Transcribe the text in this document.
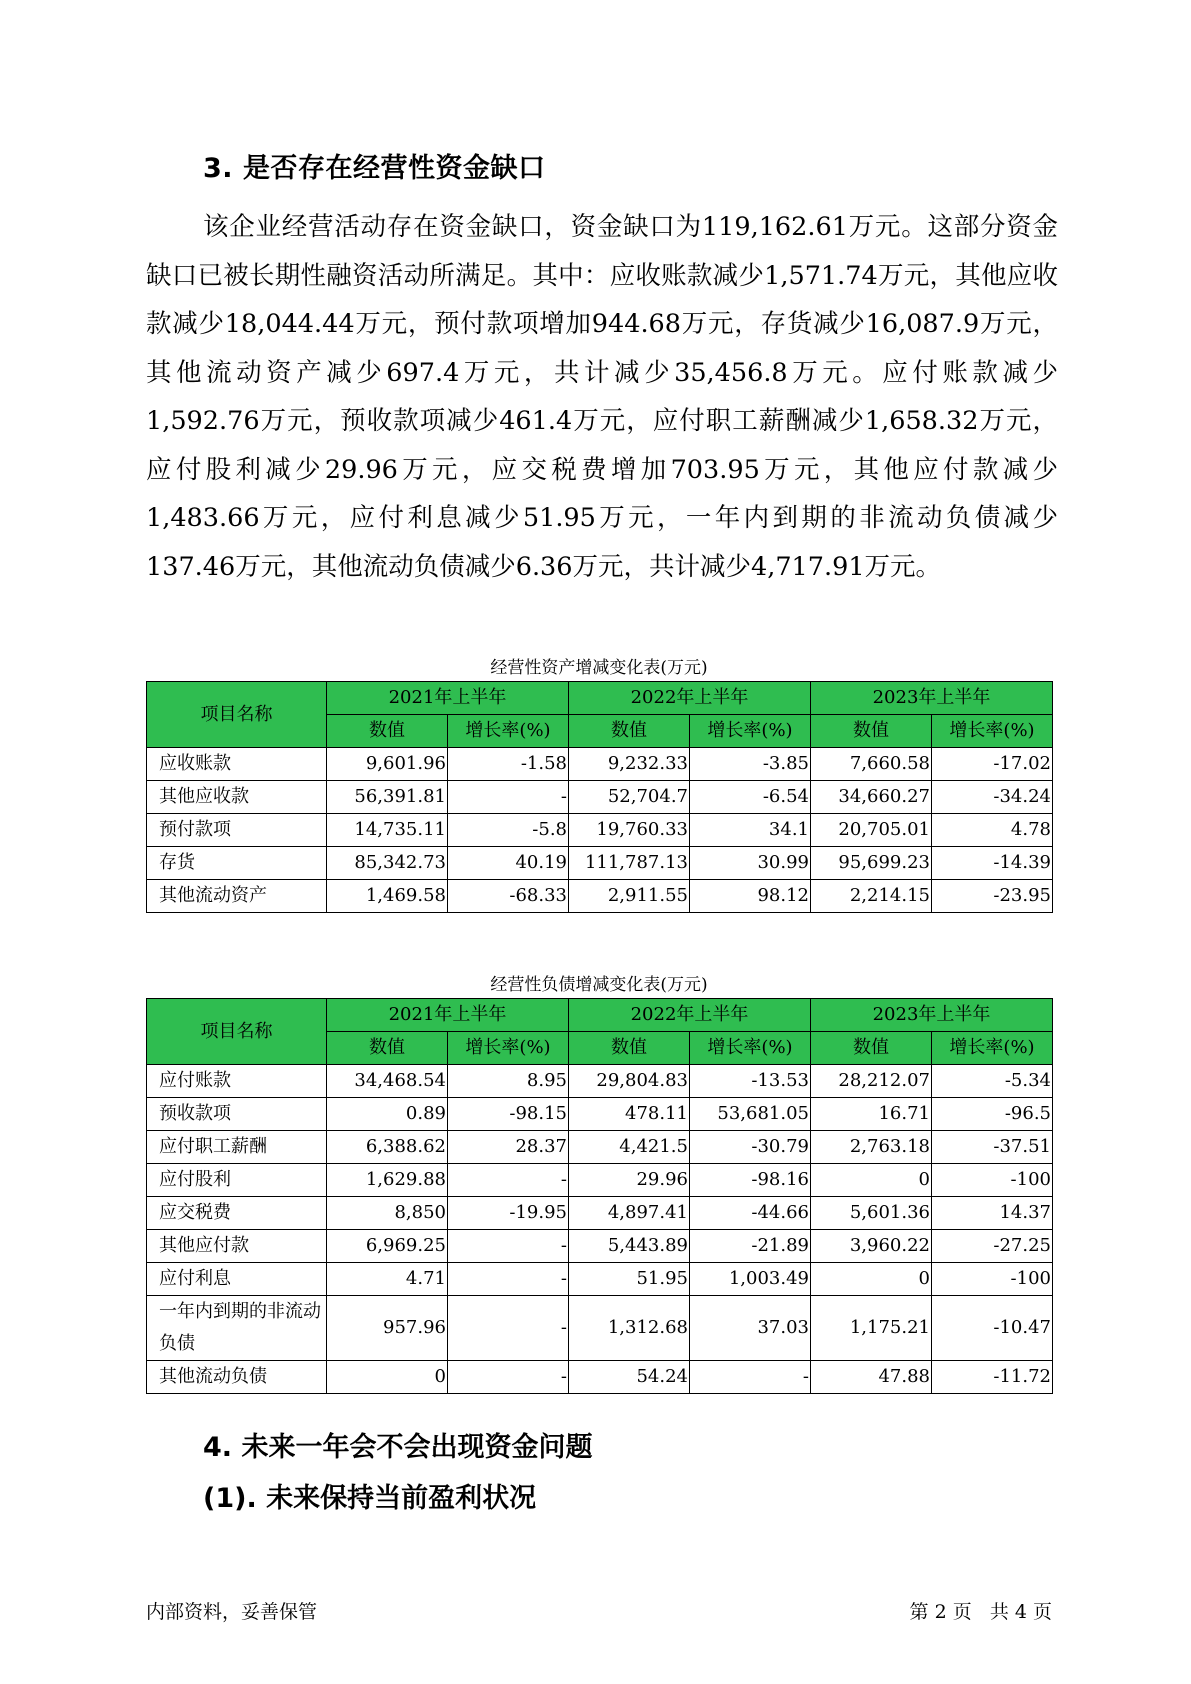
3. 是否存在经营性资金缺口

该企业经营活动存在资金缺口，资金缺口为119,162.61万元。这部分资金缺口已被长期性融资活动所满足。其中：应收账款减少1,571.74万元，其他应收款减少18,044.44万元，预付款项增加944.68万元，存货减少16,087.9万元，其他流动资产减少697.4万元，共计减少35,456.8万元。应付账款减少1,592.76万元，预收款项减少461.4万元，应付职工薪酬减少1,658.32万元，应付股利减少29.96万元，应交税费增加703.95万元，其他应付款减少1,483.66万元，应付利息减少51.95万元，一年内到期的非流动负债减少137.46万元，其他流动负债减少6.36万元，共计减少4,717.91万元。

经营性资产增减变化表(万元)
项目名称	2021年上半年		2022年上半年		2023年上半年	
	数值	增长率(%)	数值	增长率(%)	数值	增长率(%)
应收账款	9,601.96	-1.58	9,232.33	-3.85	7,660.58	-17.02
其他应收款	56,391.81	-	52,704.7	-6.54	34,660.27	-34.24
预付款项	14,735.11	-5.8	19,760.33	34.1	20,705.01	4.78
存货	85,342.73	40.19	111,787.13	30.99	95,699.23	-14.39
其他流动资产	1,469.58	-68.33	2,911.55	98.12	2,214.15	-23.95
经营性负债增减变化表(万元)
项目名称	2021年上半年		2022年上半年		2023年上半年	
	数值	增长率(%)	数值	增长率(%)	数值	增长率(%)
应付账款	34,468.54	8.95	29,804.83	-13.53	28,212.07	-5.34
预收款项	0.89	-98.15	478.11	53,681.05	16.71	-96.5
应付职工薪酬	6,388.62	28.37	4,421.5	-30.79	2,763.18	-37.51
应付股利	1,629.88	-	29.96	-98.16	0	-100
应交税费	8,850	-19.95	4,897.41	-44.66	5,601.36	14.37
其他应付款	6,969.25	-	5,443.89	-21.89	3,960.22	-27.25
应付利息	4.71	-	51.95	1,003.49	0	-100
一年内到期的非流动负债	957.96	-	1,312.68	37.03	1,175.21	-10.47
其他流动负债	0	-	54.24	-	47.88	-11.72
4. 未来一年会不会出现资金问题
(1). 未来保持当前盈利状况
内部资料，妥善保管	第 2 页   共 4 页
